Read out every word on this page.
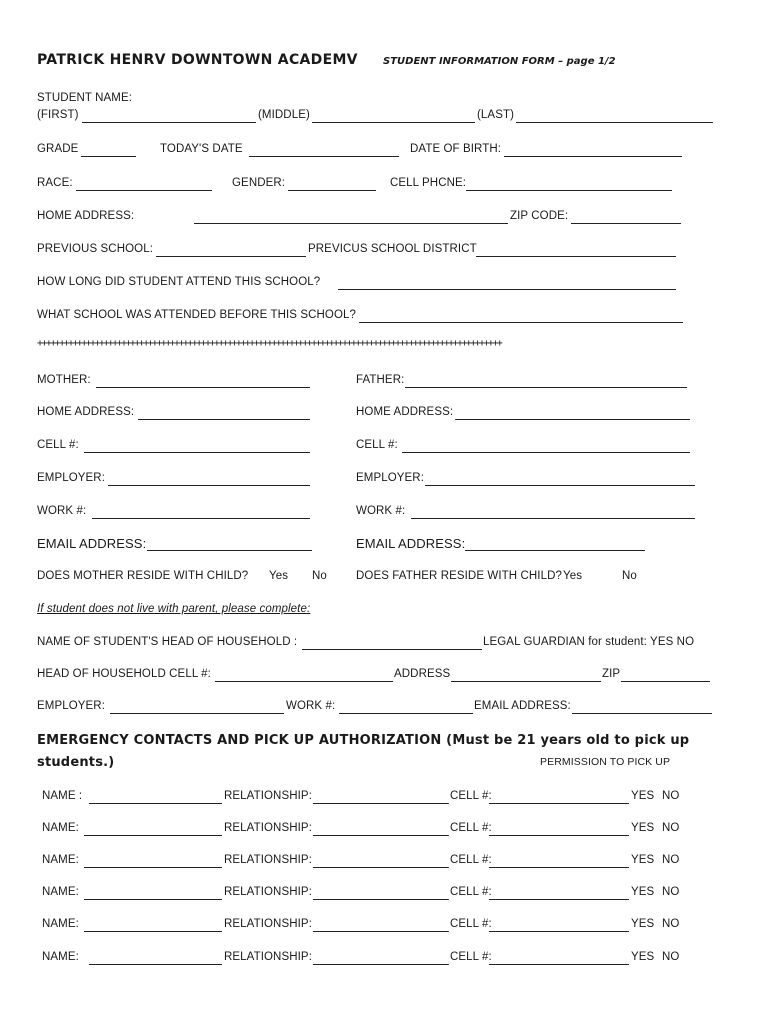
PATRICK HENRV DOWNTOWN ACADEMV	STUDENT INFORMATION FORM – page 1/2
STUDENT NAME:
(FIRST)	(MIDDLE)	(LAST)
GRADE	TODAY'S DATE	DATE OF BIRTH:
RACE:	GENDER:	CELL PHCNE:
HOME ADDRESS:	ZIP CODE:
PREVIOUS SCHOOL:	PREVICUS SCHOOL DISTRICT
HOW LONG DID STUDENT ATTEND THIS SCHOOL?
WHAT SCHOOL WAS ATTENDED BEFORE THIS SCHOOL?
+++++++++++++++++++++++++++++++++++++++++++++++++++++++++++++++++++++++++++++++++++++++++++++++++++++++++
MOTHER:	FATHER:
HOME ADDRESS:	HOME ADDRESS:
CELL #:	CELL #:
EMPLOYER:	EMPLOYER:
WORK #:	WORK #:
EMAIL ADDRESS:	EMAIL ADDRESS:
DOES MOTHER RESIDE WITH CHILD? Yes No	DOES FATHER RESIDE WITH CHILD? Yes	No
If student does not live with parent, please complete:
NAME OF STUDENT'S HEAD OF HOUSEHOLD :	LEGAL GUARDIAN for student: YES NO
HEAD OF HOUSEHOLD CELL #:	ADDRESS	ZIP
EMPLOYER:	WORK #:	EMAIL ADDRESS:
EMERGENCY CONTACTS AND PICK UP AUTHORIZATION (Must be 21 years old to pick up
students.)	PERMISSION TO PICK UP
NAME :	RELATIONSHIP:	CELL #:	YES NO
NAME:	RELATIONSHIP:	CELL #:	YES NO
NAME:	RELATIONSHIP:	CELL #:	YES NO
NAME:	RELATIONSHIP:	CELL #:	YES NO
NAME:	RELATIONSHIP:	CELL #:	YES NO
NAME:	RELATIONSHIP:	CELL #:	YES NO
